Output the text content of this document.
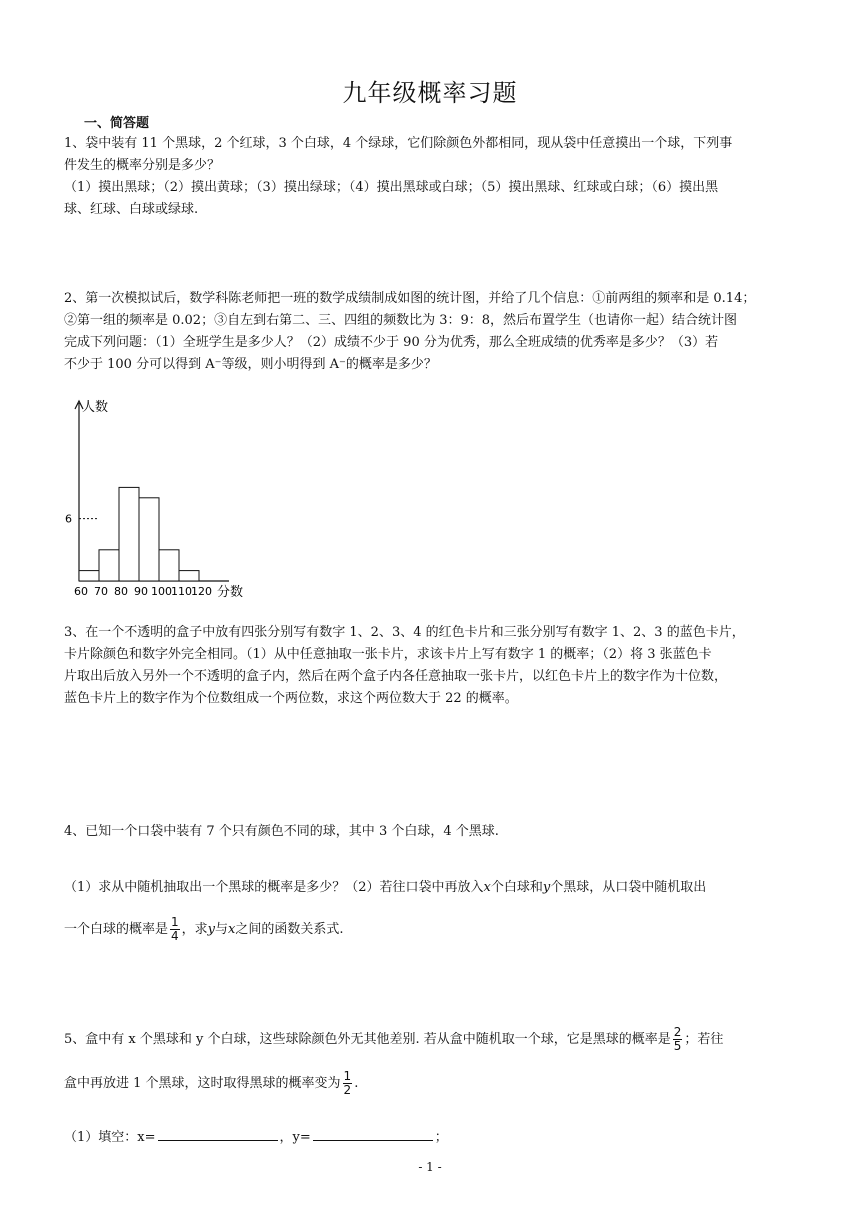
九年级概率习题
一、简答题
1、袋中装有 11 个黑球，2 个红球，3 个白球，4 个绿球，它们除颜色外都相同，现从袋中任意摸出一个球，下列事
件发生的概率分别是多少？
（1）摸出黑球；（2）摸出黄球；（3）摸出绿球；（4）摸出黑球或白球；（5）摸出黑球、红球或白球；（6）摸出黑
球、红球、白球或绿球.
2、第一次模拟试后，数学科陈老师把一班的数学成绩制成如图的统计图，并给了几个信息：①前两组的频率和是 0.14；
②第一组的频率是 0.02；③自左到右第二、三、四组的频数比为 3：9：8，然后布置学生（也请你一起）结合统计图
完成下列问题：（1）全班学生是多少人？（2）成绩不少于 90 分为优秀，那么全班成绩的优秀率是多少？（3）若
不少于 100 分可以得到 A⁻等级，则小明得到 A⁻的概率是多少？
6
60 70 80 90 100 110 120
人数
分数
3、在一个不透明的盒子中放有四张分别写有数字 1、2、3、4 的红色卡片和三张分别写有数字 1、2、3 的蓝色卡片，
卡片除颜色和数字外完全相同。（1）从中任意抽取一张卡片，求该卡片上写有数字 1 的概率；（2）将 3 张蓝色卡
片取出后放入另外一个不透明的盒子内，然后在两个盒子内各任意抽取一张卡片，以红色卡片上的数字作为十位数，
蓝色卡片上的数字作为个位数组成一个两位数，求这个两位数大于 22 的概率。
4、已知一个口袋中装有 7 个只有颜色不同的球，其中 3 个白球，4 个黑球.
（1）求从中随机抽取出一个黑球的概率是多少？（2）若往口袋中再放入x个白球和y个黑球，从口袋中随机取出
一个白球的概率是 $\frac{1}{4}$ ，求y与x之间的函数关系式.
5、盒中有 x 个黑球和 y 个白球，这些球除颜色外无其他差别. 若从盒中随机取一个球，它是黑球的概率是 $\frac{2}{5}$ ；若往
盒中再放进 1 个黑球，这时取得黑球的概率变为 $\frac{1}{2}$ .
（1）填空：x=	，y=	；
- 1 -
